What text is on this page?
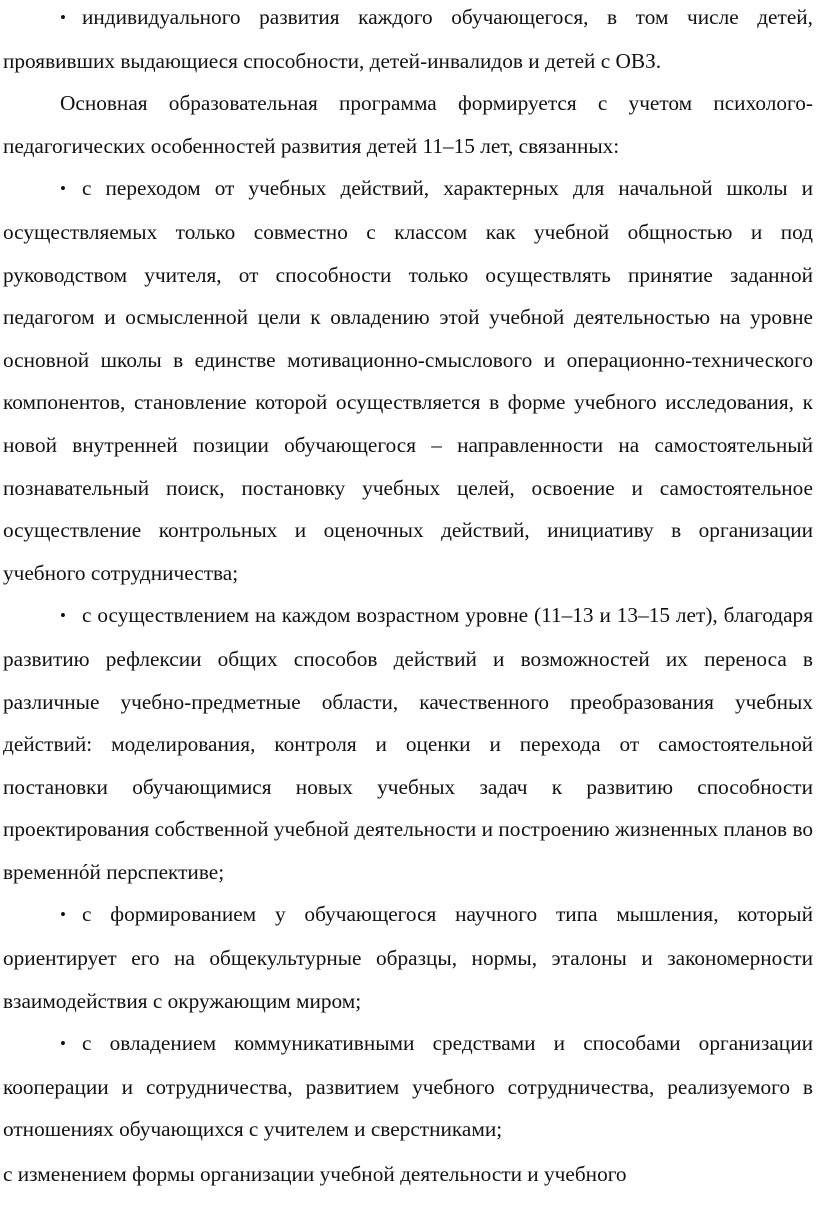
• индивидуального развития каждого обучающегося, в том числе детей, проявивших выдающиеся способности, детей-инвалидов и детей с ОВЗ.

Основная образовательная программа формируется с учетом психолого-педагогических особенностей развития детей 11–15 лет, связанных:

• с переходом от учебных действий, характерных для начальной школы и осуществляемых только совместно с классом как учебной общностью и под руководством учителя, от способности только осуществлять принятие заданной педагогом и осмысленной цели к овладению этой учебной деятельностью на уровне основной школы в единстве мотивационно-смыслового и операционно-технического компонентов, становление которой осуществляется в форме учебного исследования, к новой внутренней позиции обучающегося – направленности на самостоятельный познавательный поиск, постановку учебных целей, освоение и самостоятельное осуществление контрольных и оценочных действий, инициативу в организации учебного сотрудничества;

• с осуществлением на каждом возрастном уровне (11–13 и 13–15 лет), благодаря развитию рефлексии общих способов действий и возможностей их переноса в различные учебно-предметные области, качественного преобразования учебных действий: моделирования, контроля и оценки и перехода от самостоятельной постановки обучающимися новых учебных задач к развитию способности проектирования собственной учебной деятельности и построению жизненных планов во временнóй перспективе;

• с формированием у обучающегося научного типа мышления, который ориентирует его на общекультурные образцы, нормы, эталоны и закономерности взаимодействия с окружающим миром;

• с овладением коммуникативными средствами и способами организации кооперации и сотрудничества, развитием учебного сотрудничества, реализуемого в отношениях обучающихся с учителем и сверстниками;

с изменением формы организации учебной деятельности и учебного
